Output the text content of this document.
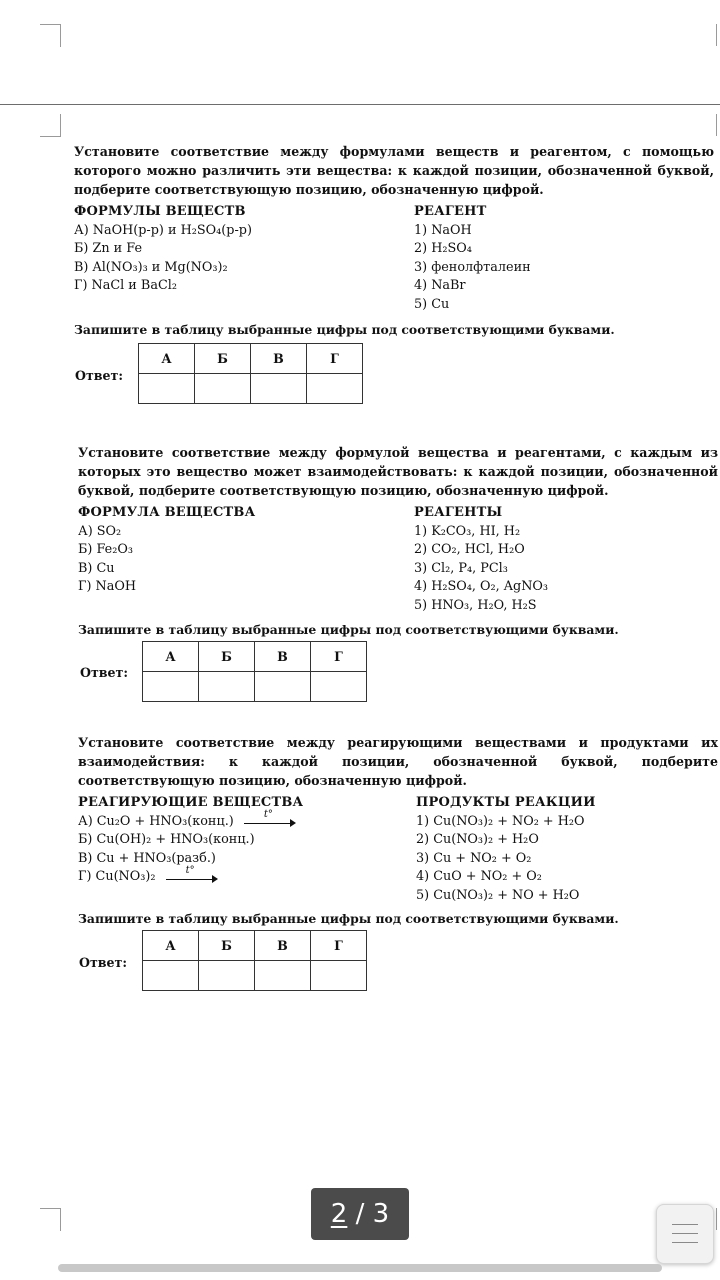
Установите соответствие между формулами веществ и реагентом, с помощью которого можно различить эти вещества: к каждой позиции, обозначенной буквой, подберите соответствующую позицию, обозначенную цифрой.

ФОРМУЛЫ ВЕЩЕСТВ
А) NaOH(р-р) и H₂SO₄(р-р)
Б) Zn и Fe
В) Al(NO₃)₃ и Mg(NO₃)₂
Г) NaCl и BaCl₂
РЕАГЕНТ
1) NaOH
2) H₂SO₄
3) фенолфталеин
4) NaBr
5) Cu

Запишите в таблицу выбранные цифры под соответствующими буквами.

Ответ:
А	Б	В	Г

Установите соответствие между формулой вещества и реагентами, с каждым из которых это вещество может взаимодействовать: к каждой позиции, обозначенной буквой, подберите соответствующую позицию, обозначенную цифрой.

ФОРМУЛА ВЕЩЕСТВА
А) SO₂
Б) Fe₂O₃
В) Cu
Г) NaOH
РЕАГЕНТЫ
1) K₂CO₃, HI, H₂
2) CO₂, HCl, H₂O
3) Cl₂, P₄, PCl₃
4) H₂SO₄, O₂, AgNO₃
5) HNO₃, H₂O, H₂S

Запишите в таблицу выбранные цифры под соответствующими буквами.

Ответ:
А	Б	В	Г

Установите соответствие между реагирующими веществами и продуктами их взаимодействия: к каждой позиции, обозначенной буквой, подберите соответствующую позицию, обозначенную цифрой.

РЕАГИРУЮЩИЕ ВЕЩЕСТВА
А) Cu₂O + HNO₃(конц.)	t°
Б) Cu(OH)₂ + HNO₃(конц.)
В) Cu + HNO₃(разб.)
Г) Cu(NO₃)₂	t°
ПРОДУКТЫ РЕАКЦИИ
1) Cu(NO₃)₂ + NO₂ + H₂O
2) Cu(NO₃)₂ + H₂O
3) Cu + NO₂ + O₂
4) CuO + NO₂ + O₂
5) Cu(NO₃)₂ + NO + H₂O

Запишите в таблицу выбранные цифры под соответствующими буквами.

Ответ:
А	Б	В	Г

2 / 3
